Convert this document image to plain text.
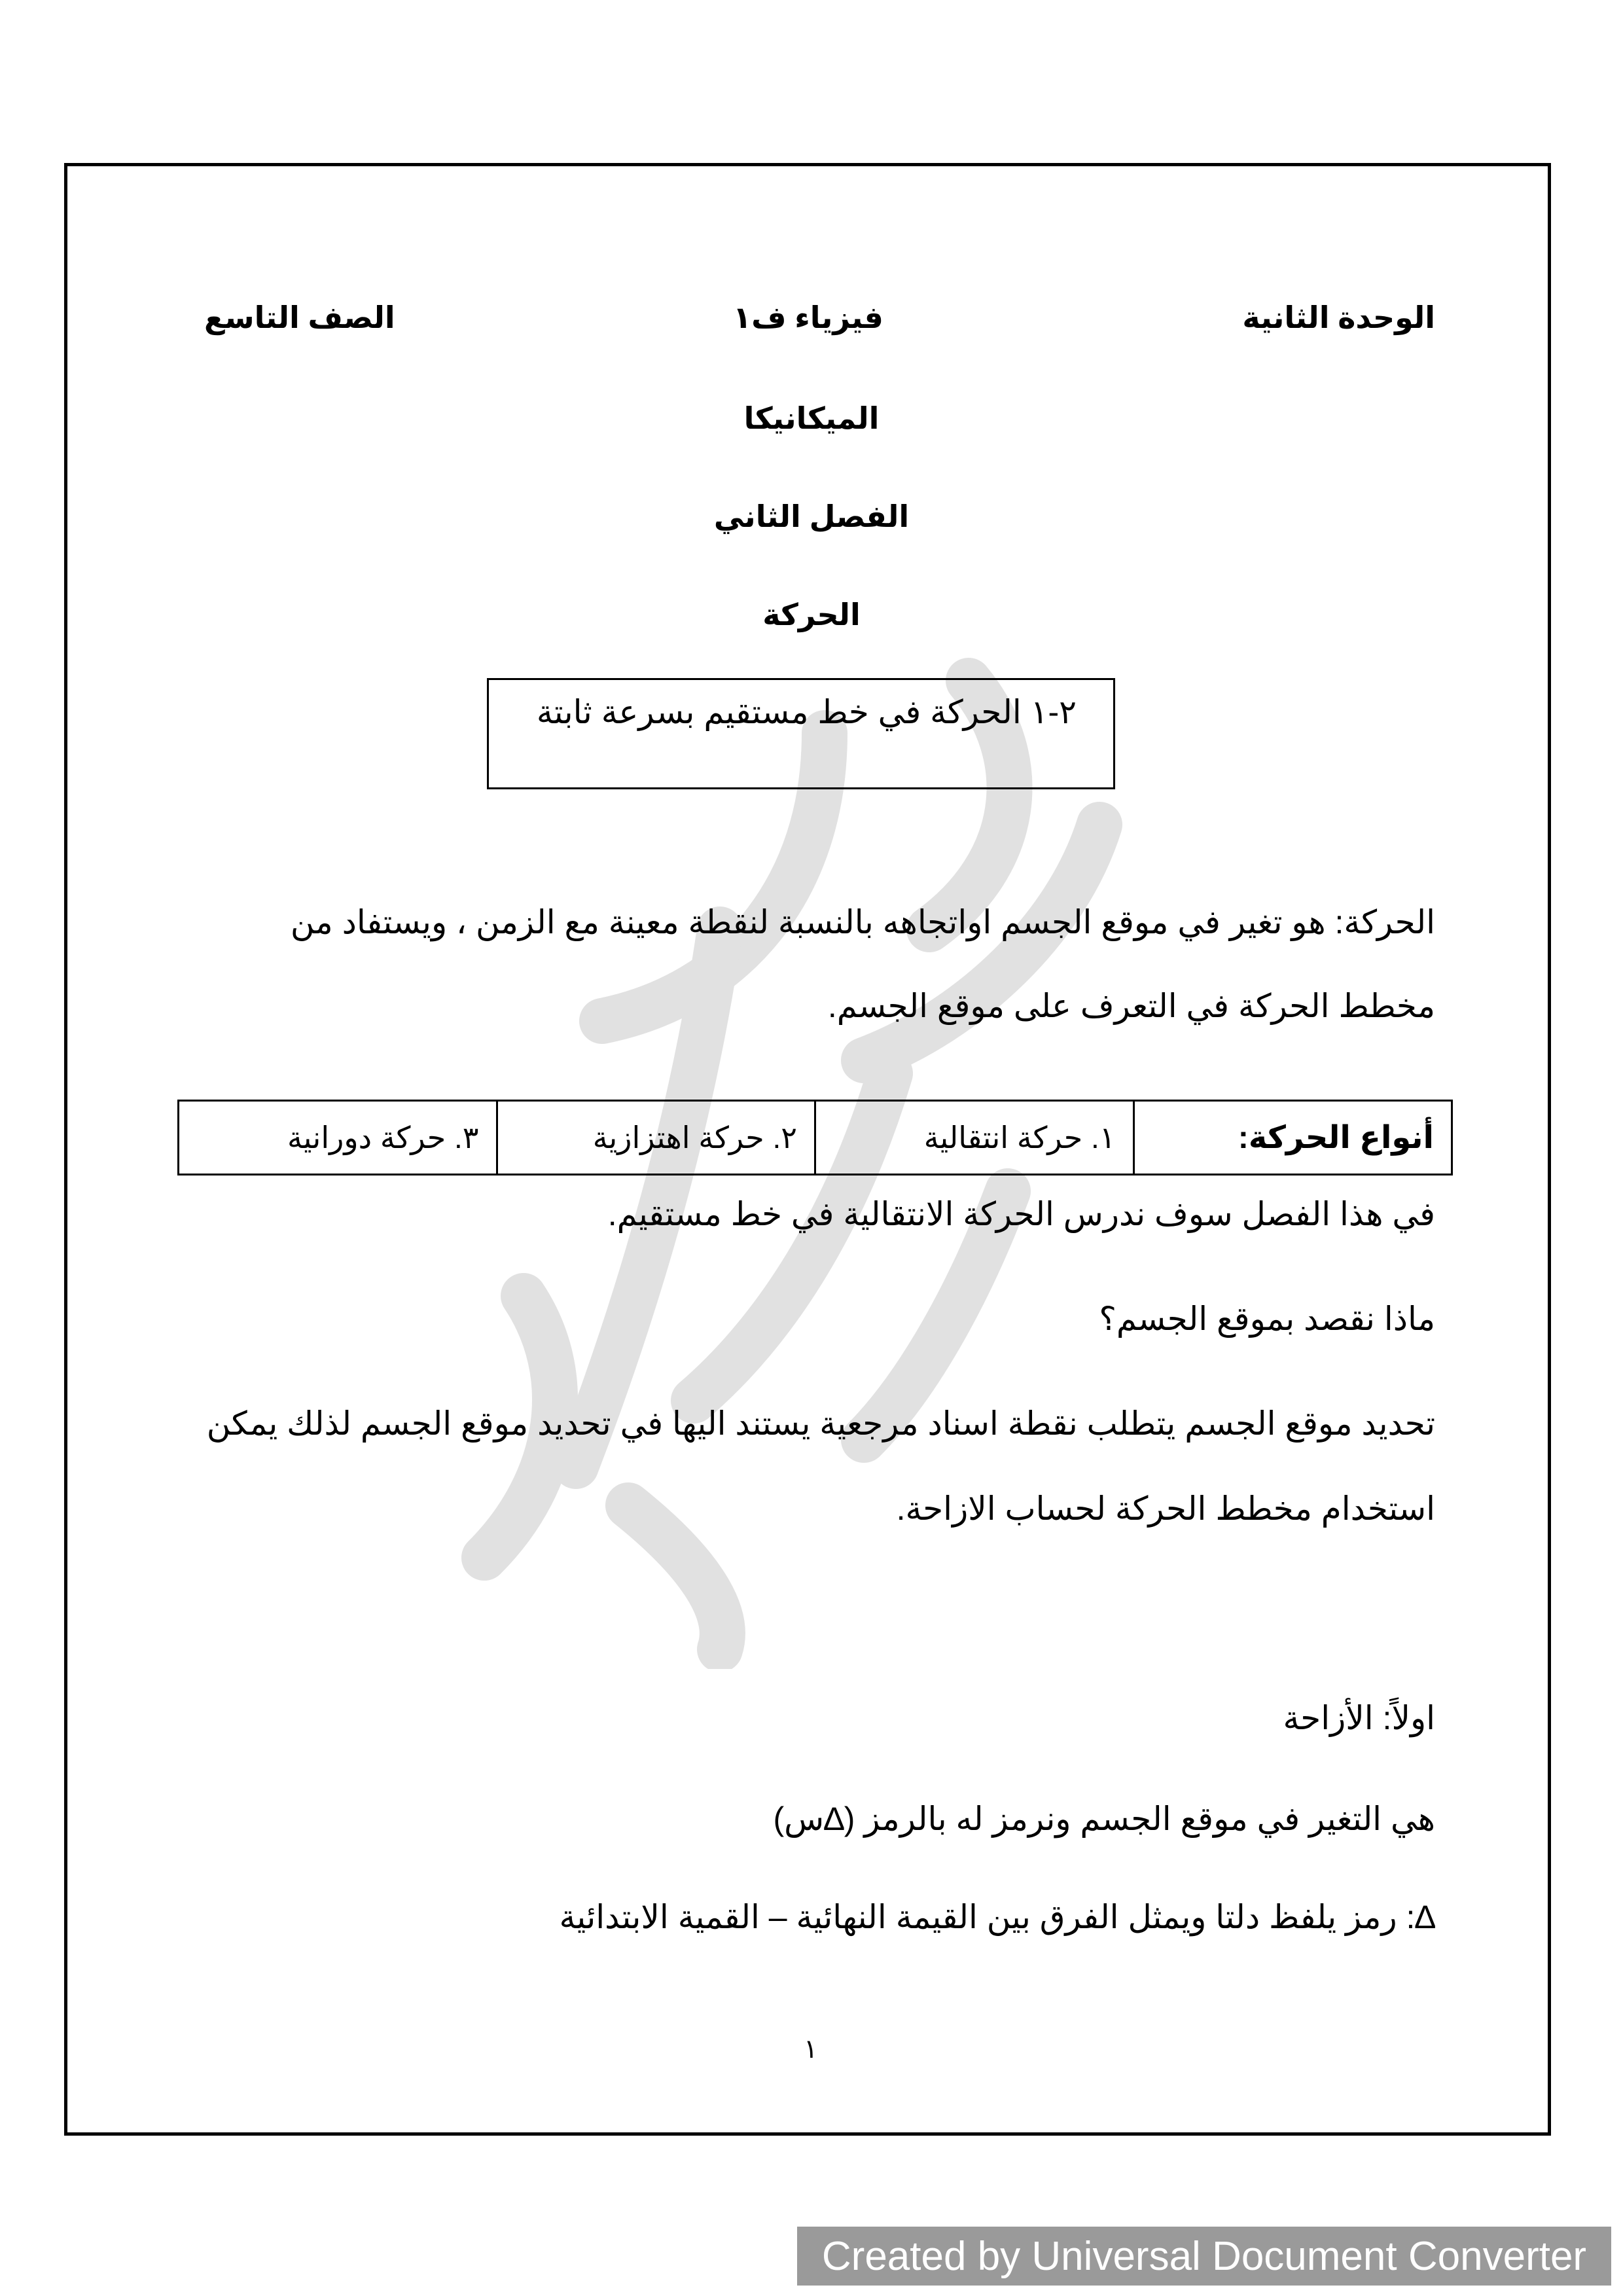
الوحدة الثانية
فيزياء ف١
الصف التاسع
الميكانيكا
الفصل الثاني
الحركة
٢-١ الحركة في خط مستقيم بسرعة ثابتة
الحركة: هو تغير في موقع الجسم اواتجاهه بالنسبة لنقطة معينة مع الزمن ، ويستفاد من
مخطط الحركة في التعرف على موقع الجسم.
أنواع الحركة:	١. حركة انتقالية	٢. حركة اهتزازية	٣. حركة دورانية
في هذا الفصل سوف ندرس الحركة الانتقالية في خط مستقيم.
ماذا نقصد بموقع الجسم؟
تحديد موقع الجسم يتطلب نقطة اسناد مرجعية يستند اليها في تحديد موقع الجسم لذلك يمكن
استخدام مخطط الحركة لحساب الازاحة.
اولاً: الأزاحة
هي التغير في موقع الجسم ونرمز له بالرمز (∆س)
∆: رمز يلفظ دلتا ويمثل الفرق بين القيمة النهائية – القمية الابتدائية
١
Created by Universal Document Converter
